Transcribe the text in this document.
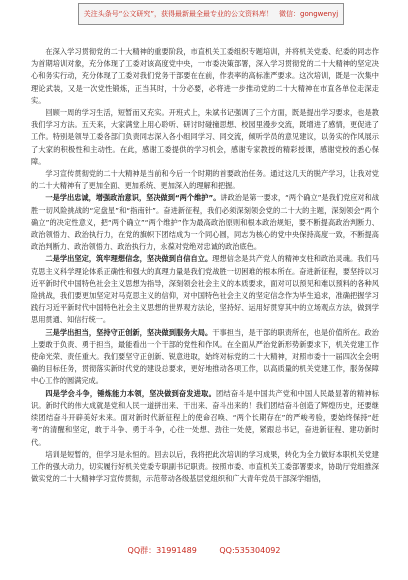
关注头条号“公文研究”，获得最新最全最专业的公文资料库！ 微信：gongwenyj

在深入学习贯彻党的二十大精神的重要阶段，市直机关工委组织专题培训，并将机关党委、纪委的同志作为首期培训对象，充分体现了工委对该高度党中央，一市委决策部署，深入学习贯彻党的二十大精神的坚定决心和务实行动，充分体现了工委对我们党务干部要在在前，作表率的高标准严要求。这次培训，既是一次集中理论武装，又是一次党性锻炼，正当其时，十分必要，必将进一步推动党的二十大精神在市直各单位走深走实。

回顾一周的学习生活，短暂而又充实。开班式上，朱斌书记强调了三个方面，既是提出学习要求，也是教我们学习方法。五天来，大家满堂上用心聆听、研讨时碰撞思想、校园里漫步交流，既增进了感情，更促进了工作。特别是领导工委各部门负责同志深入各小组同学习、同交流，倾听学员的意见建议，以务实的作风展示了大家的积极性和主动性。在此，感谢工委提供的学习机会，感谢专家教授的精彩授课，感谢党校的悉心保障。

学习宣传贯彻党的二十大精神是当前和今后一个时期的首要政治任务。通过这几天的脱产学习，让我对党的二十大精神有了更加全面、更加系统、更加深入的理解和把握。

一是学出忠诚，增强政治意识，坚决做到“两个维护”。讲政治是第一要求，“两个确立”是我们党应对和战胜一切风险挑战的“定盘星”和“指南针”。奋进新征程，我们必须深刻领会党的二十大的主题，深刻领会“两个确立”的决定性意义，把“两个确立”“两个维护”作为最高政治原则和根本政治规矩，要不断提高政治判断力、政治领悟力、政治执行力，在党的旗帜下团结成为一个同心圆，同志为核心的党中央保持高度一致，不断提高政治判断力、政治领悟力、政治执行力，永葆对党绝对忠诚的政治底色。

二是学出坚定，筑牢理想信念，坚决做到自信自立。理想信念是共产党人的精神支柱和政治灵魂。我们马克思主义科学理论体系正确性和强大的真理力量是我们党战胜一切困难的根本所在。奋进新征程，要坚持以习近平新时代中国特色社会主义思想为指导，深刻领会社会主义的本质要求，面对可以预见和难以预料的各种风险挑战，我们要更加坚定对马克思主义的信仰，对中国特色社会主义的坚定信念作为毕生追求，准确把握学习践行习近平新时代中国特色社会主义思想的世界观方法论，坚持好、运用好贯穿其中的立场观点方法，做到学思用贯通、知信行统一。

三是学出担当，坚持守正创新，坚决做到服务大局。干事担当，是干部的职责所在，也是价值所在。政治上要敢于负责、勇于担当，最能看出一个干部的党性和作风。在全面从严治党新形势新要求下，机关党建工作使命光荣、责任重大。我们要坚守正创新、锐意进取，始终对标党的二十大精神，对照市委十一届四次全会明确的目标任务，贯彻落实新时代党的建设总要求，更好地推动各项工作，以高质量的机关党建工作，服务保障中心工作的圆满完成。

四是学会斗争，锤炼能力本领，坚决做到奋发进取。团结奋斗是中国共产党和中国人民最显著的精神标识。新时代的伟大成就是党和人民一道拼出来、干出来、奋斗出来的！我们团结奋斗创造了辉煌历史，还要继续团结奋斗开辟美好未来。面对新时代新征程上的使命召唤、“两个长期存在”的严峻考验，要始终保持“赶考”的清醒和坚定，敢于斗争、勇于斗争，心往一处想、劲往一处使，紧跟总书记，奋进新征程、建功新时代。

培训是短暂的，但学习是永恒的。回去以后，我将把此次培训的学习成果，转化为全力做好本职机关党建工作的强大动力，切实履行好机关党委专职副书记职责。按照市委、市直机关工委部署要求，协助厅党组推深做实党的二十大精神学习宣传贯彻，示范带动各级基层党组织和广大青年党员干部深学细悟，

QQ群：31991489	QQ:535304092
